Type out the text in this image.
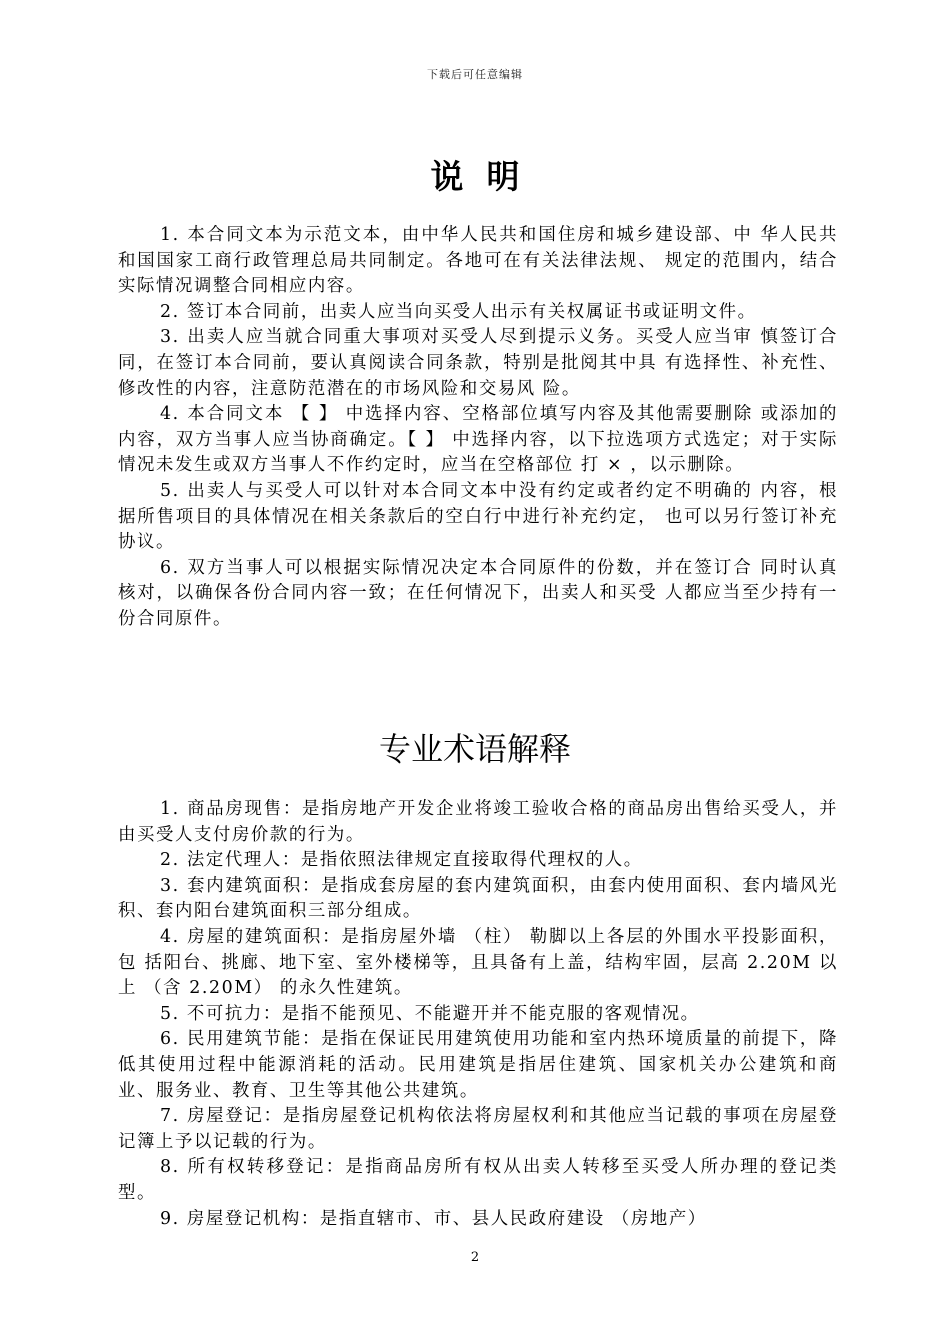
下载后可任意编辑
说  明

1. 本合同文本为示范文本，由中华人民共和国住房和城乡建设部、中 华人民共和国国家工商行政管理总局共同制定。各地可在有关法律法规、 规定的范围内，结合实际情况调整合同相应内容。

2. 签订本合同前，出卖人应当向买受人出示有关权属证书或证明文件。

3. 出卖人应当就合同重大事项对买受人尽到提示义务。买受人应当审 慎签订合同，在签订本合同前，要认真阅读合同条款，特别是批阅其中具 有选择性、补充性、修改性的内容，注意防范潜在的市场风险和交易风 险。

4. 本合同文本 【 】 中选择内容、空格部位填写内容及其他需要删除 或添加的内容，双方当事人应当协商确定。【 】 中选择内容，以下拉选项方式选定；对于实际情况未发生或双方当事人不作约定时，应当在空格部位 打 × ，以示删除。

5. 出卖人与买受人可以针对本合同文本中没有约定或者约定不明确的 内容，根据所售项目的具体情况在相关条款后的空白行中进行补充约定， 也可以另行签订补充协议。

6. 双方当事人可以根据实际情况决定本合同原件的份数，并在签订合 同时认真核对，以确保各份合同内容一致；在任何情况下，出卖人和买受 人都应当至少持有一份合同原件。

专业术语解释

1. 商品房现售：是指房地产开发企业将竣工验收合格的商品房出售给买受人，并 由买受人支付房价款的行为。

2. 法定代理人：是指依照法律规定直接取得代理权的人。

3. 套内建筑面积：是指成套房屋的套内建筑面积，由套内使用面积、套内墙风光 积、套内阳台建筑面积三部分组成。

4. 房屋的建筑面积：是指房屋外墙 （柱） 勒脚以上各层的外围水平投影面积，包 括阳台、挑廊、地下室、室外楼梯等，且具备有上盖，结构牢固，层高 2.20M 以上 （含 2.20M） 的永久性建筑。

5. 不可抗力：是指不能预见、不能避开并不能克服的客观情况。

6. 民用建筑节能：是指在保证民用建筑使用功能和室内热环境质量的前提下，降 低其使用过程中能源消耗的活动。民用建筑是指居住建筑、国家机关办公建筑和商 业、服务业、教育、卫生等其他公共建筑。

7. 房屋登记：是指房屋登记机构依法将房屋权利和其他应当记载的事项在房屋登 记簿上予以记载的行为。

8. 所有权转移登记：是指商品房所有权从出卖人转移至买受人所办理的登记类型。

9. 房屋登记机构：是指直辖市、市、县人民政府建设 （房地产）

2
